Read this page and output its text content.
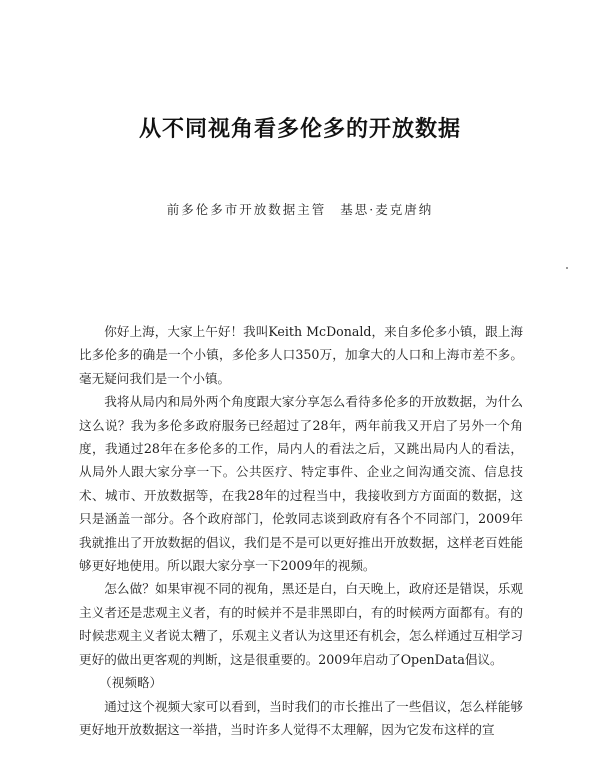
从不同视角看多伦多的开放数据
前多伦多市开放数据主管 基思·麦克唐纳

你好上海，大家上午好！我叫Keith McDonald，来自多伦多小镇，跟上海比多伦多的确是一个小镇，多伦多人口350万，加拿大的人口和上海市差不多。毫无疑问我们是一个小镇。

我将从局内和局外两个角度跟大家分享怎么看待多伦多的开放数据，为什么这么说？我为多伦多政府服务已经超过了28年，两年前我又开启了另外一个角度，我通过28年在多伦多的工作，局内人的看法之后，又跳出局内人的看法，从局外人跟大家分享一下。公共医疗、特定事件、企业之间沟通交流、信息技术、城市、开放数据等，在我28年的过程当中，我接收到方方面面的数据，这只是涵盖一部分。各个政府部门，伦敦同志谈到政府有各个不同部门，2009年我就推出了开放数据的倡议，我们是不是可以更好推出开放数据，这样老百姓能够更好地使用。所以跟大家分享一下2009年的视频。

怎么做？如果审视不同的视角，黑还是白，白天晚上，政府还是错误，乐观主义者还是悲观主义者，有的时候并不是非黑即白，有的时候两方面都有。有的时候悲观主义者说太糟了，乐观主义者认为这里还有机会，怎么样通过互相学习更好的做出更客观的判断，这是很重要的。2009年启动了OpenData倡议。

（视频略）

通过这个视频大家可以看到，当时我们的市长推出了一些倡议，怎么样能够更好地开放数据这一举措，当时许多人觉得不太理解，因为它发布这样的宣
